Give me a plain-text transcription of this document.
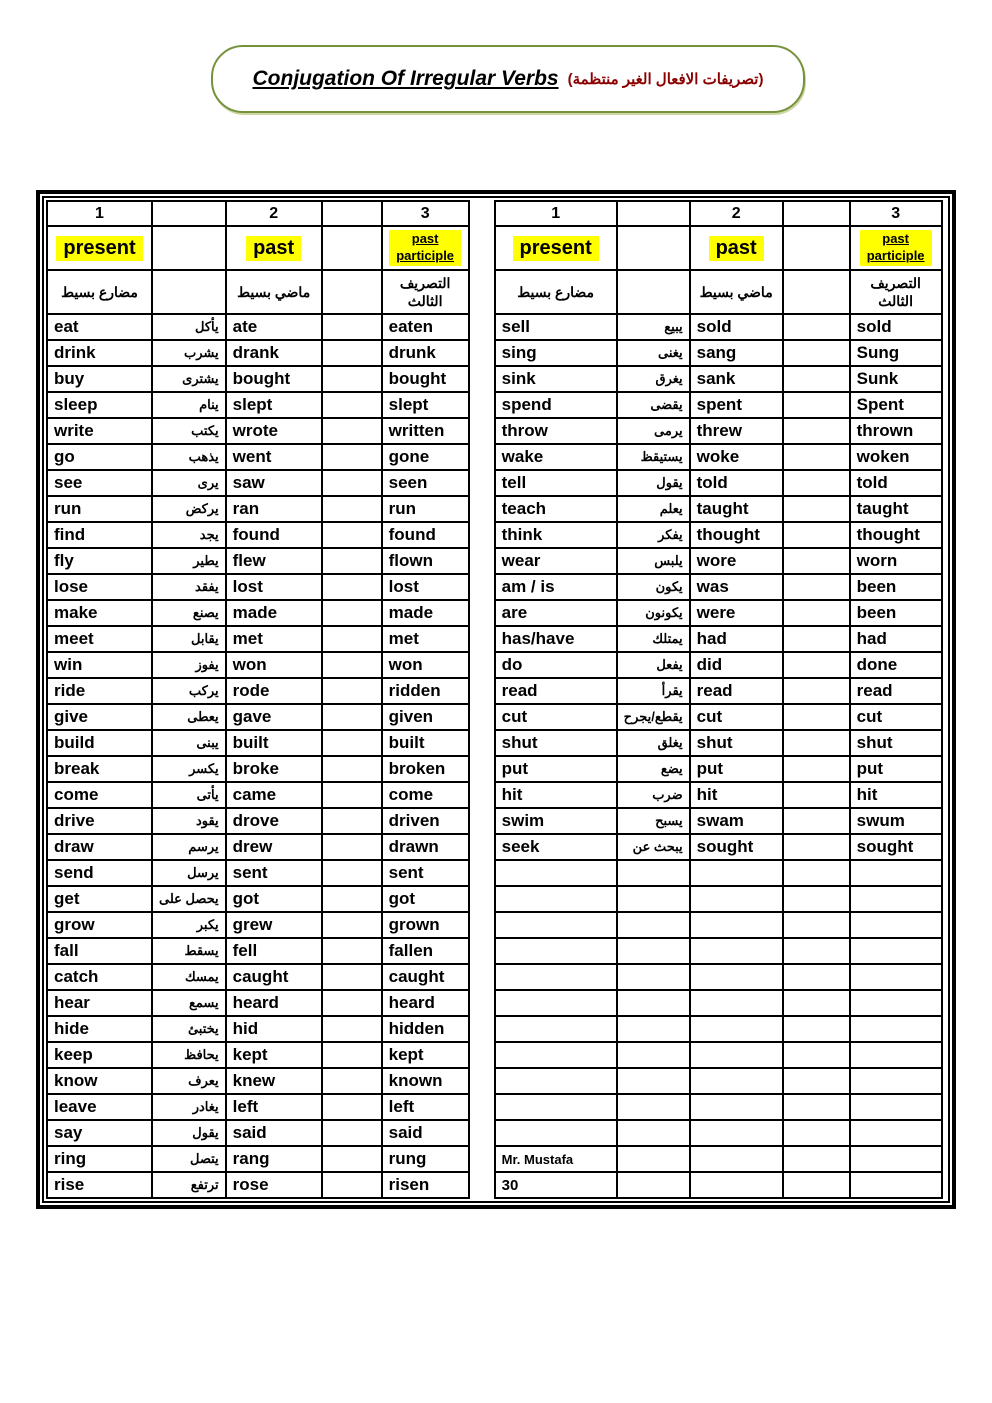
Conjugation Of Irregular Verbs (تصريفات الافعال الغير منتظمة)
1		2		3
present		past		past
participle
مضارع بسيط		ماضي بسيط		التصريف
الثالث
eat	يأكل	ate		eaten
drink	يشرب	drank		drunk
buy	يشترى	bought		bought
sleep	ينام	slept		slept
write	يكتب	wrote		written
go	يذهب	went		gone
see	يرى	saw		seen
run	يركض	ran		run
find	يجد	found		found
fly	يطير	flew		flown
lose	يفقد	lost		lost
make	يصنع	made		made
meet	يقابل	met		met
win	يفوز	won		won
ride	يركب	rode		ridden
give	يعطى	gave		given
build	يبنى	built		built
break	يكسر	broke		broken
come	يأتى	came		come
drive	يقود	drove		driven
draw	يرسم	drew		drawn
send	يرسل	sent		sent
get	يحصل على	got		got
grow	يكبر	grew		grown
fall	يسقط	fell		fallen
catch	يمسك	caught		caught
hear	يسمع	heard		heard
hide	يختبئ	hid		hidden
keep	يحافظ	kept		kept
know	يعرف	knew		known
leave	يغادر	left		left
say	يقول	said		said
ring	يتصل	rang		rung
rise	ترتفع	rose		risen
1		2		3
present		past		past
participle
مضارع بسيط		ماضي بسيط		التصريف
الثالث
sell	يبيع	sold		sold
sing	يغنى	sang		Sung
sink	يغرق	sank		Sunk
spend	يقضى	spent		Spent
throw	يرمى	threw		thrown
wake	يستيقظ	woke		woken
tell	يقول	told		told
teach	يعلم	taught		taught
think	يفكر	thought		thought
wear	يلبس	wore		worn
am / is	يكون	was		been
are	يكونون	were		been
has/have	يمتلك	had		had
do	يفعل	did		done
read	يقرأ	read		read
cut	يقطع/يجرح	cut		cut
shut	يغلق	shut		shut
put	يضع	put		put
hit	ضرب	hit		hit
swim	يسبح	swam		swum
seek	يبحث عن	sought		sought

Mr. Mustafa				
30				
